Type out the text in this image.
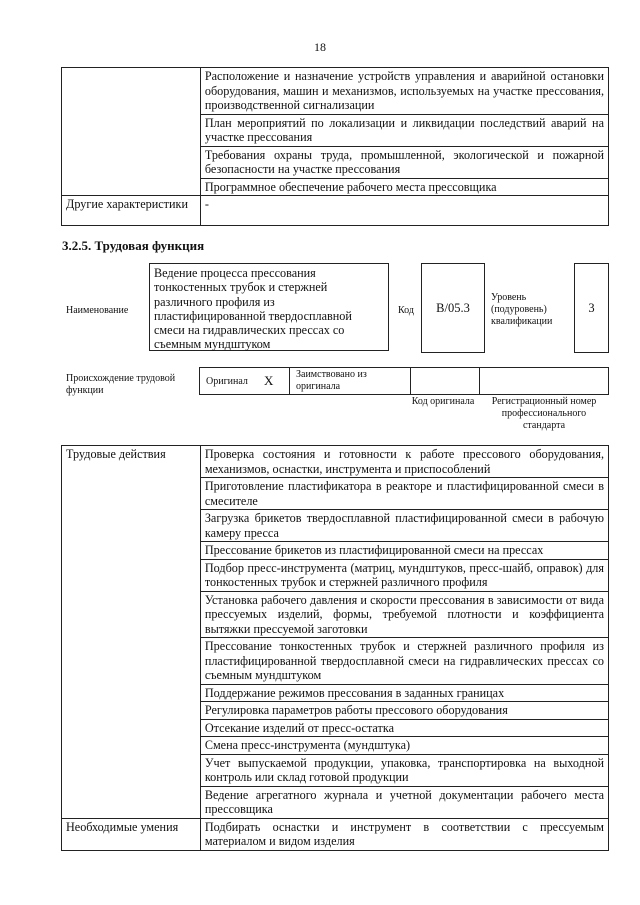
18
	Расположение и назначение устройств управления и аварийной остановки оборудования, машин и механизмов, используемых на участке прессования, производственной сигнализации
	План мероприятий по локализации и ликвидации последствий аварий на участке прессования
	Требования охраны труда, промышленной, экологической и пожарной безопасности на участке прессования
	Программное обеспечение рабочего места прессовщика
Другие характеристики	-
3.2.5. Трудовая функция
Наименование
Ведение процесса прессования тонкостенных трубок и стержней различного профиля из пластифицированной твердосплавной смеси на гидравлических прессах со съемным мундштуком
Код	B/05.3
Уровень (подуровень) квалификации
3
Происхождение трудовой функции
Оригинал X Заимствовано из оригинала
Код оригинала	Регистрационный номер профессионального стандарта
Трудовые действия	Проверка состояния и готовности к работе прессового оборудования, механизмов, оснастки, инструмента и приспособлений
	Приготовление пластификатора в реакторе и пластифицированной смеси в смесителе
	Загрузка брикетов твердосплавной пластифицированной смеси в рабочую камеру пресса
	Прессование брикетов из пластифицированной смеси на прессах
	Подбор пресс-инструмента (матриц, мундштуков, пресс-шайб, оправок) для тонкостенных трубок и стержней различного профиля
	Установка рабочего давления и скорости прессования в зависимости от вида прессуемых изделий, формы, требуемой плотности и коэффициента вытяжки прессуемой заготовки
	Прессование тонкостенных трубок и стержней различного профиля из пластифицированной твердосплавной смеси на гидравлических прессах со съемным мундштуком
	Поддержание режимов прессования в заданных границах
	Регулировка параметров работы прессового оборудования
	Отсекание изделий от пресс-остатка
	Смена пресс-инструмента (мундштука)
	Учет выпускаемой продукции, упаковка, транспортировка на выходной контроль или склад готовой продукции
	Ведение агрегатного журнала и учетной документации рабочего места прессовщика
Необходимые умения	Подбирать оснастки и инструмент в соответствии с прессуемым материалом и видом изделия
